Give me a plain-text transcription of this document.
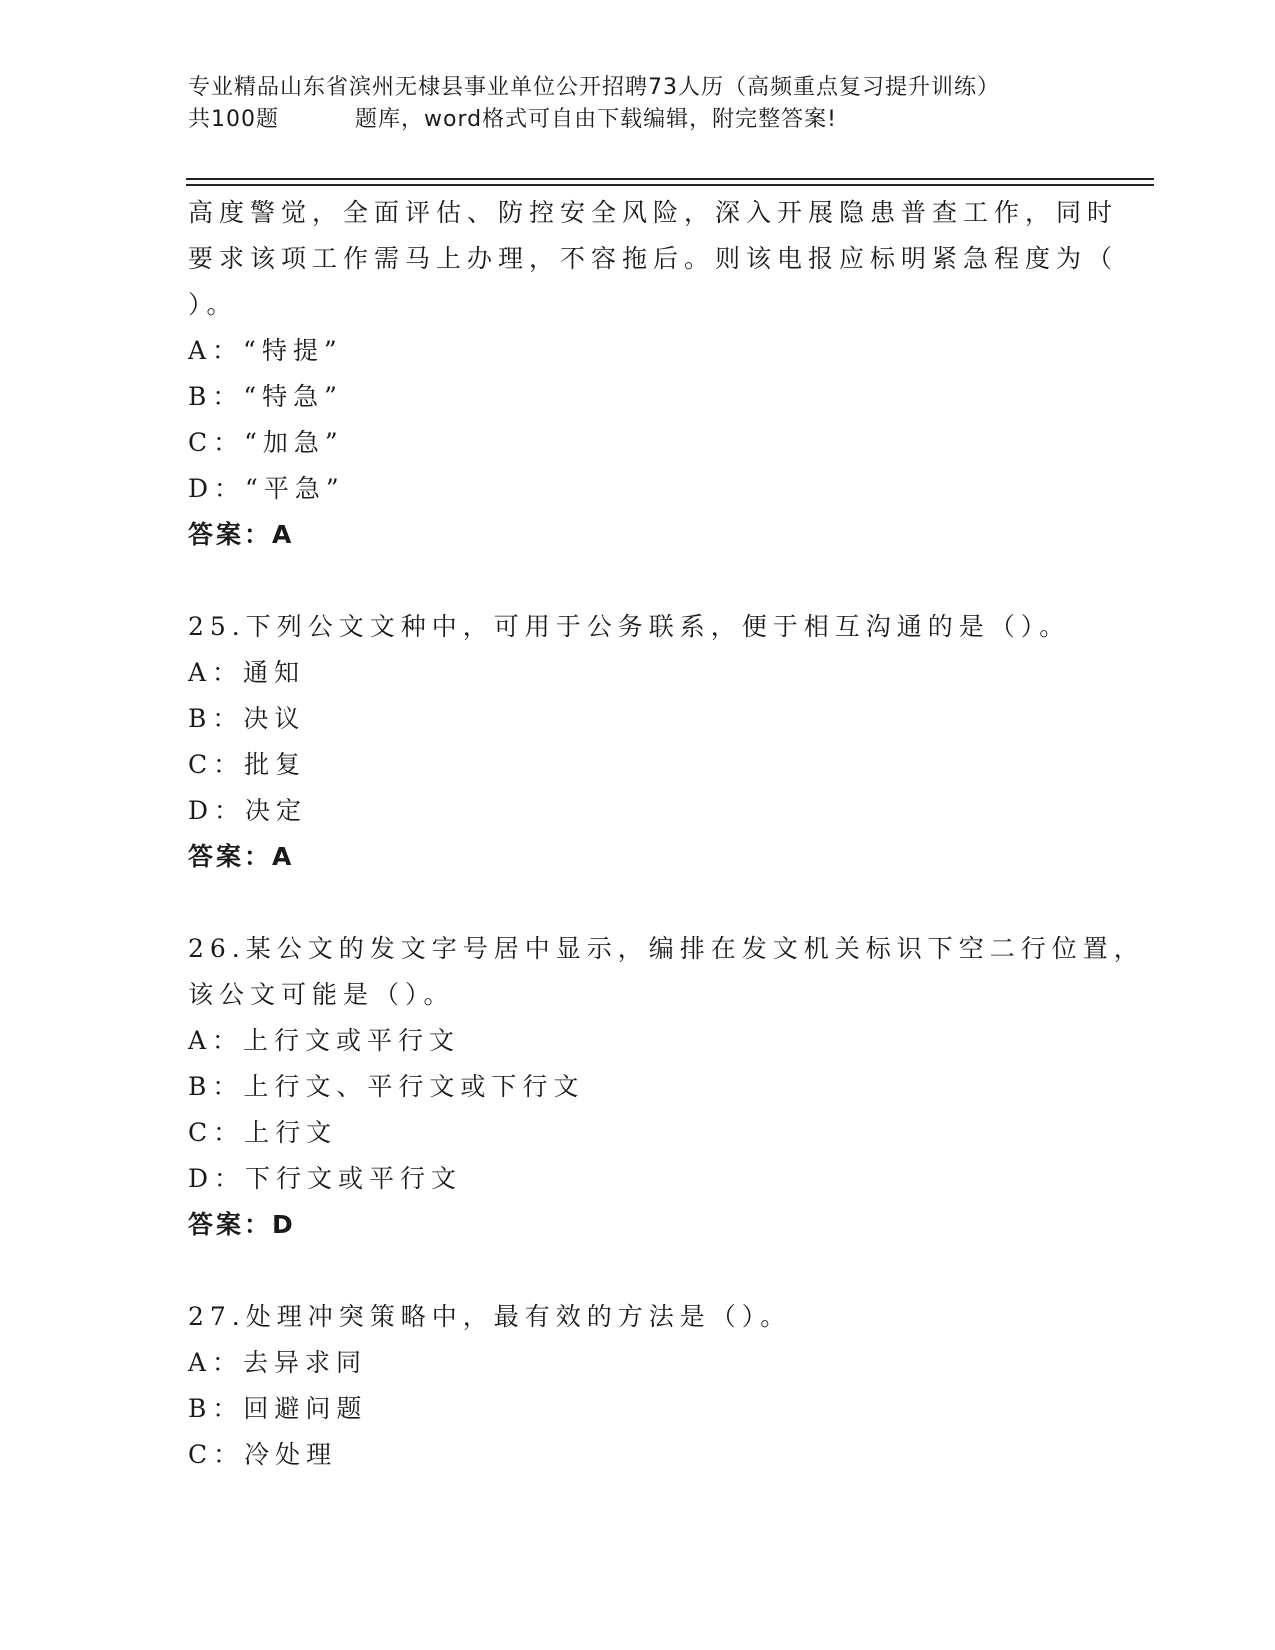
专业精品山东省滨州无棣县事业单位公开招聘73人历（高频重点复习提升训练）
共100题	题库，word格式可自由下载编辑，附完整答案!
高度警觉，全面评估、防控安全风险，深入开展隐患普查工作，同时
要求该项工作需马上办理，不容拖后。则该电报应标明紧急程度为（
）。
A：“特提”
B：“特急”
C：“加急”
D：“平急”
答案：A
25.下列公文文种中，可用于公务联系，便于相互沟通的是（）。
A：通知
B：决议
C：批复
D：决定
答案：A
26.某公文的发文字号居中显示，编排在发文机关标识下空二行位置，
该公文可能是（）。
A：上行文或平行文
B：上行文、平行文或下行文
C：上行文
D：下行文或平行文
答案：D
27.处理冲突策略中，最有效的方法是（）。
A：去异求同
B：回避问题
C：冷处理
